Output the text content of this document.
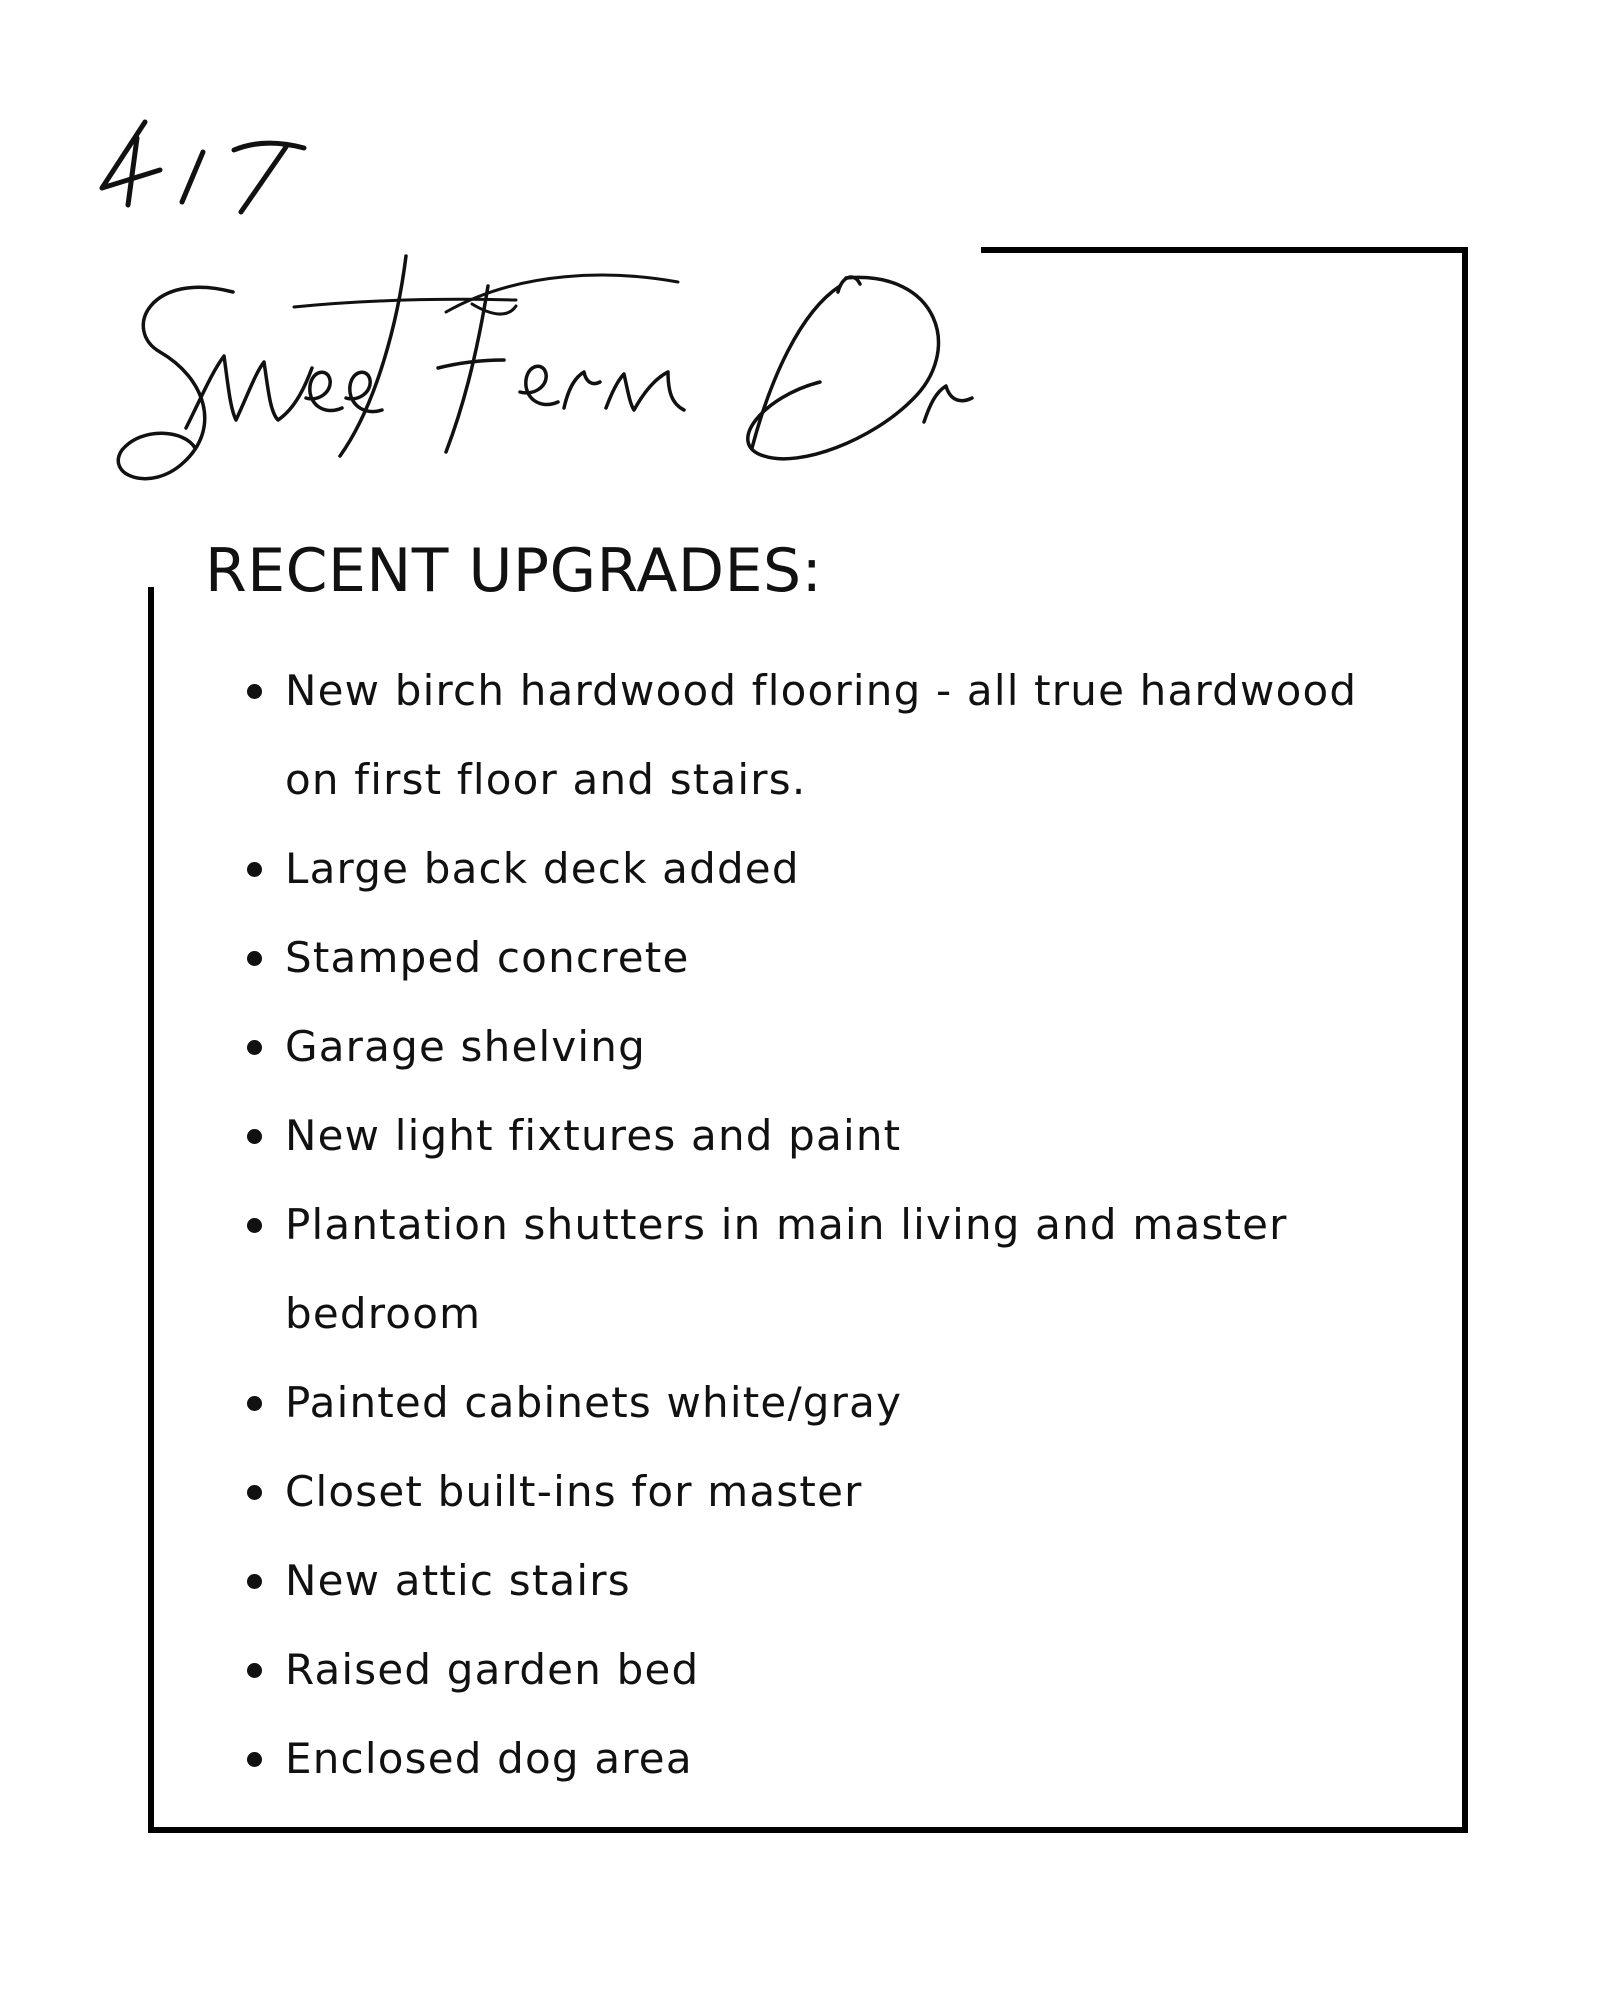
RECENT UPGRADES:
New birch hardwood flooring - all true hardwood on first floor and stairs.
Large back deck added
Stamped concrete
Garage shelving
New light fixtures and paint
Plantation shutters in main living and master bedroom
Painted cabinets white/gray
Closet built-ins for master
New attic stairs
Raised garden bed
Enclosed dog area
